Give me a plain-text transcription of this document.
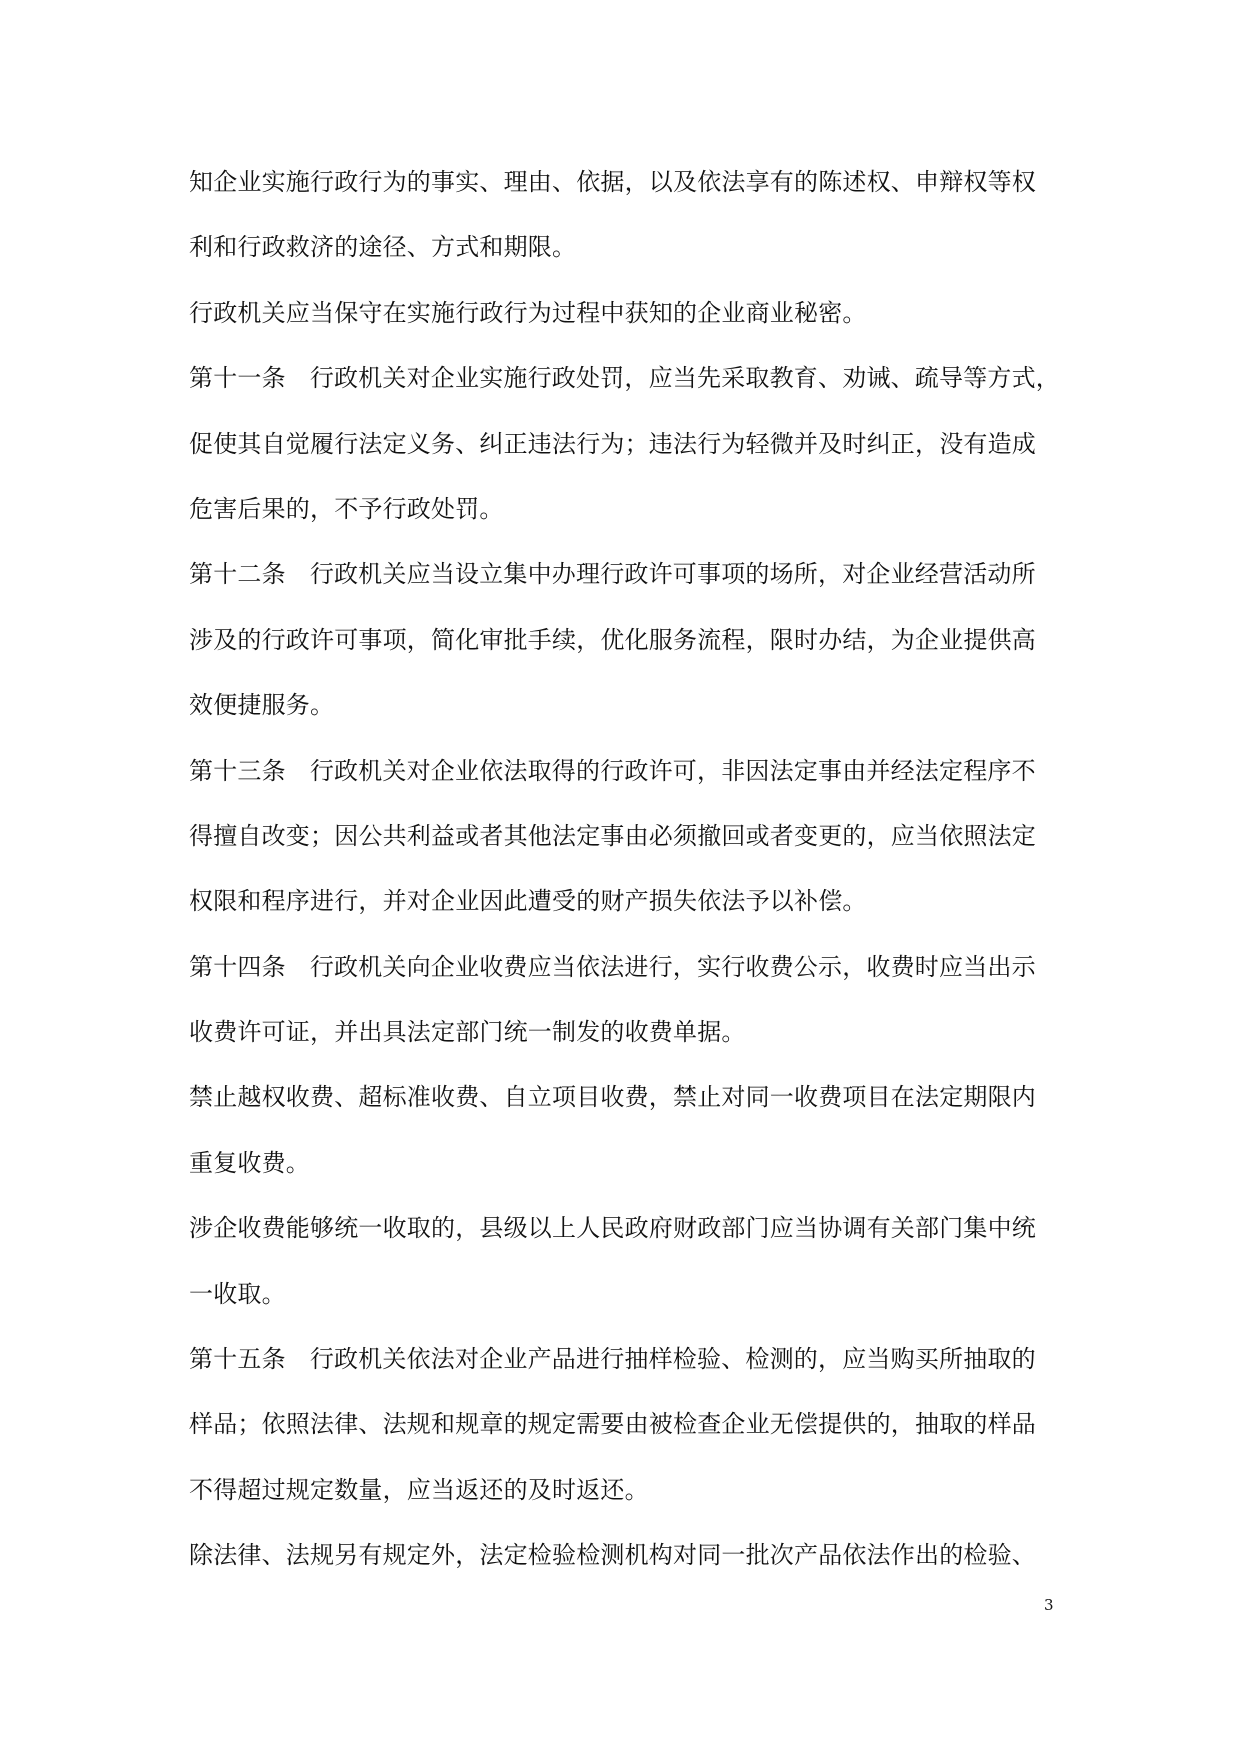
知企业实施行政行为的事实、理由、依据，以及依法享有的陈述权、申辩权等权
利和行政救济的途径、方式和期限。
行政机关应当保守在实施行政行为过程中获知的企业商业秘密。
第十一条 行政机关对企业实施行政处罚，应当先采取教育、劝诫、疏导等方式，
促使其自觉履行法定义务、纠正违法行为；违法行为轻微并及时纠正，没有造成
危害后果的，不予行政处罚。
第十二条 行政机关应当设立集中办理行政许可事项的场所，对企业经营活动所
涉及的行政许可事项，简化审批手续，优化服务流程，限时办结，为企业提供高
效便捷服务。
第十三条 行政机关对企业依法取得的行政许可，非因法定事由并经法定程序不
得擅自改变；因公共利益或者其他法定事由必须撤回或者变更的，应当依照法定
权限和程序进行，并对企业因此遭受的财产损失依法予以补偿。
第十四条 行政机关向企业收费应当依法进行，实行收费公示，收费时应当出示
收费许可证，并出具法定部门统一制发的收费单据。
禁止越权收费、超标准收费、自立项目收费，禁止对同一收费项目在法定期限内
重复收费。
涉企收费能够统一收取的，县级以上人民政府财政部门应当协调有关部门集中统
一收取。
第十五条 行政机关依法对企业产品进行抽样检验、检测的，应当购买所抽取的
样品；依照法律、法规和规章的规定需要由被检查企业无偿提供的，抽取的样品
不得超过规定数量，应当返还的及时返还。
除法律、法规另有规定外，法定检验检测机构对同一批次产品依法作出的检验、
3
